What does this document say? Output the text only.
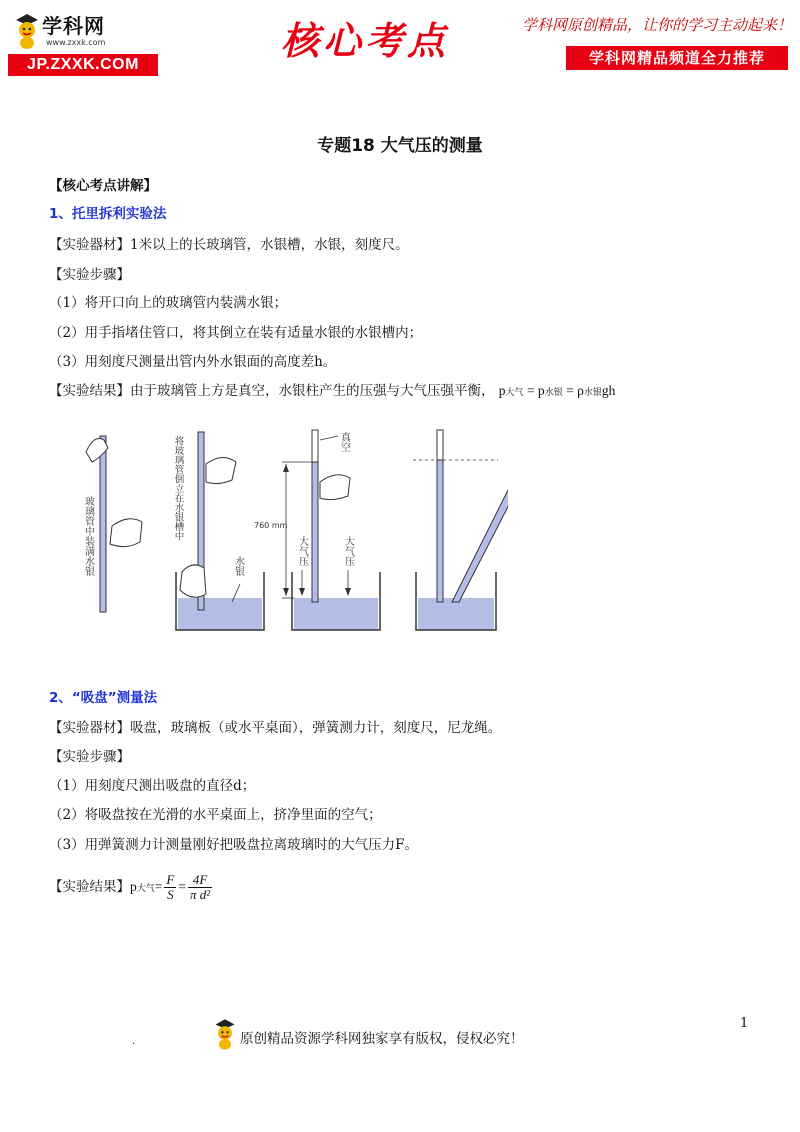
学科网
www.zxxk.com
JP.ZXXK.COM
核心考点	学科网原创精品，让你的学习主动起来！
学科网精品频道全力推荐
专题18 大气压的测量
【核心考点讲解】
1、托里拆利实验法
【实验器材】1米以上的长玻璃管，水银槽，水银，刻度尺。
【实验步骤】
（1）将开口向上的玻璃管内装满水银；
（2）用手指堵住管口，将其倒立在装有适量水银的水银槽内；
（3）用刻度尺测量出管内外水银面的高度差h。
【实验结果】由于玻璃管上方是真空，水银柱产生的压强与大气压强平衡， p大气 = p水银 = ρ水银gh
玻璃管中装满水银	将玻璃管倒立在水银槽中
水银
760 mm
真空
大气压	大气压
2、“吸盘”测量法
【实验器材】吸盘，玻璃板（或水平桌面），弹簧测力计，刻度尺，尼龙绳。
【实验步骤】
（1）用刻度尺测出吸盘的直径d；
（2）将吸盘按在光滑的水平桌面上，挤净里面的空气；
（3）用弹簧测力计测量刚好把吸盘拉离玻璃时的大气压力F。
【实验结果】p大气= $\frac{F}{S} = \frac{4F}{\text{π d²}}$
1
.	原创精品资源学科网独家享有版权，侵权必究！
